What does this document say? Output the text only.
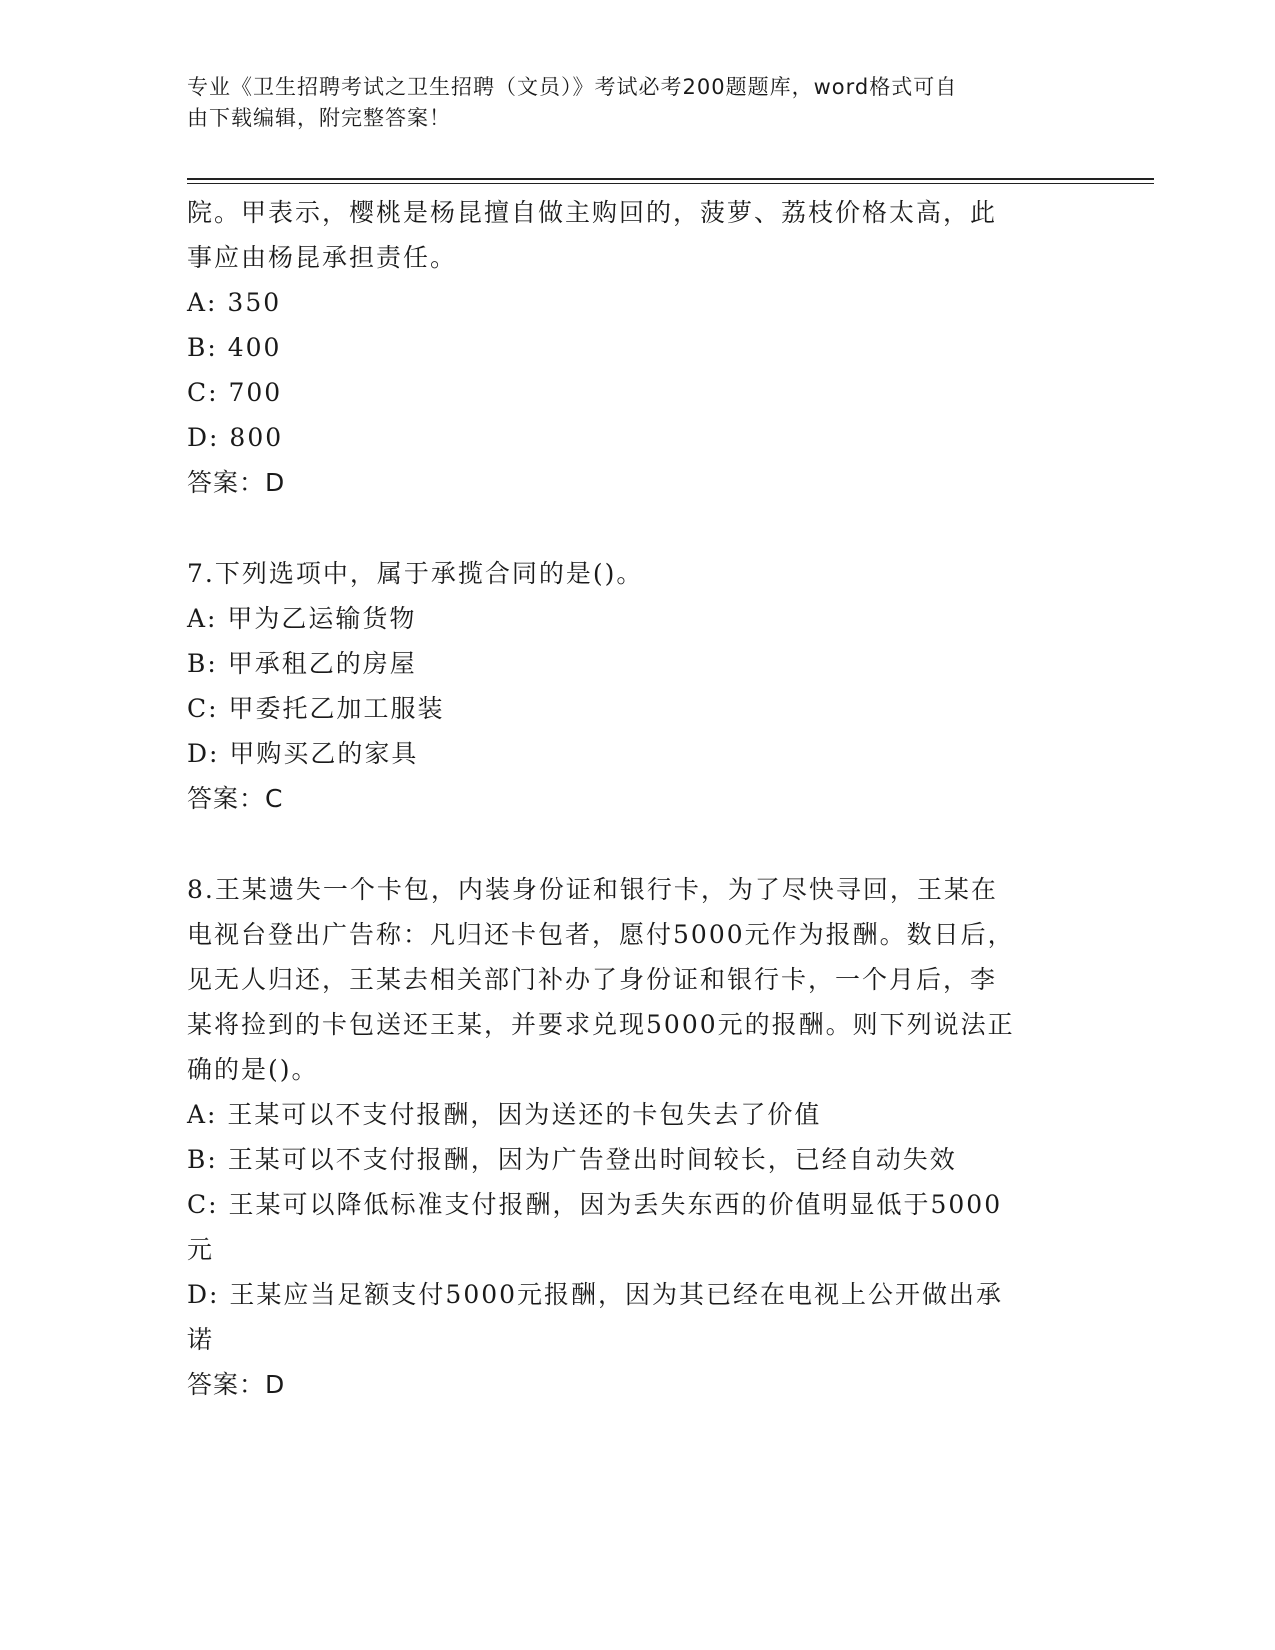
专业《卫生招聘考试之卫生招聘（文员）》考试必考200题题库，word格式可自
由下载编辑，附完整答案！
院。甲表示，樱桃是杨昆擅自做主购回的，菠萝、荔枝价格太高，此
事应由杨昆承担责任。
A: 350
B: 400
C: 700
D: 800
答案：D
7.下列选项中，属于承揽合同的是()。
A: 甲为乙运输货物
B: 甲承租乙的房屋
C: 甲委托乙加工服装
D: 甲购买乙的家具
答案：C
8.王某遗失一个卡包，内装身份证和银行卡，为了尽快寻回，王某在
电视台登出广告称：凡归还卡包者，愿付5000元作为报酬。数日后，
见无人归还，王某去相关部门补办了身份证和银行卡，一个月后，李
某将捡到的卡包送还王某，并要求兑现5000元的报酬。则下列说法正
确的是()。
A: 王某可以不支付报酬，因为送还的卡包失去了价值
B: 王某可以不支付报酬，因为广告登出时间较长，已经自动失效
C: 王某可以降低标准支付报酬，因为丢失东西的价值明显低于5000
元
D: 王某应当足额支付5000元报酬，因为其已经在电视上公开做出承
诺
答案：D
